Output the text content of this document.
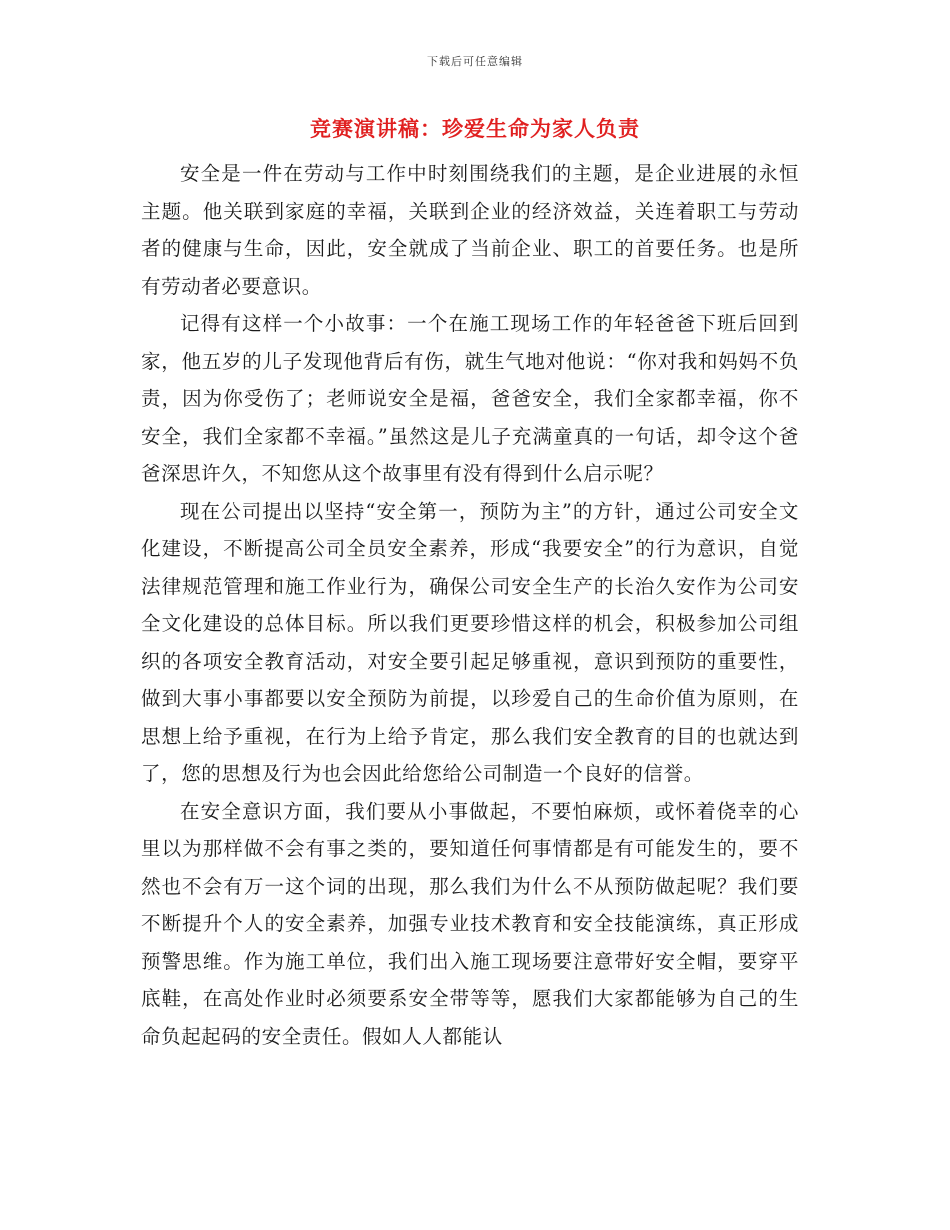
下载后可任意编辑
竞赛演讲稿：珍爱生命为家人负责

安全是一件在劳动与工作中时刻围绕我们的主题，是企业进展的永恒主题。他关联到家庭的幸福，关联到企业的经济效益，关连着职工与劳动者的健康与生命，因此，安全就成了当前企业、职工的首要任务。也是所有劳动者必要意识。

记得有这样一个小故事：一个在施工现场工作的年轻爸爸下班后回到家，他五岁的儿子发现他背后有伤，就生气地对他说：“你对我和妈妈不负责，因为你受伤了；老师说安全是福，爸爸安全，我们全家都幸福，你不安全，我们全家都不幸福。”虽然这是儿子充满童真的一句话，却令这个爸爸深思许久，不知您从这个故事里有没有得到什么启示呢？

现在公司提出以坚持“安全第一，预防为主”的方针，通过公司安全文化建设，不断提高公司全员安全素养，形成“我要安全”的行为意识，自觉法律规范管理和施工作业行为，确保公司安全生产的长治久安作为公司安全文化建设的总体目标。所以我们更要珍惜这样的机会，积极参加公司组织的各项安全教育活动，对安全要引起足够重视，意识到预防的重要性，做到大事小事都要以安全预防为前提，以珍爱自己的生命价值为原则，在思想上给予重视，在行为上给予肯定，那么我们安全教育的目的也就达到了，您的思想及行为也会因此给您给公司制造一个良好的信誉。

在安全意识方面，我们要从小事做起，不要怕麻烦，或怀着侥幸的心里以为那样做不会有事之类的，要知道任何事情都是有可能发生的，要不然也不会有万一这个词的出现，那么我们为什么不从预防做起呢？我们要不断提升个人的安全素养，加强专业技术教育和安全技能演练，真正形成预警思维。作为施工单位，我们出入施工现场要注意带好安全帽，要穿平底鞋，在高处作业时必须要系安全带等等，愿我们大家都能够为自己的生命负起起码的安全责任。假如人人都能认
